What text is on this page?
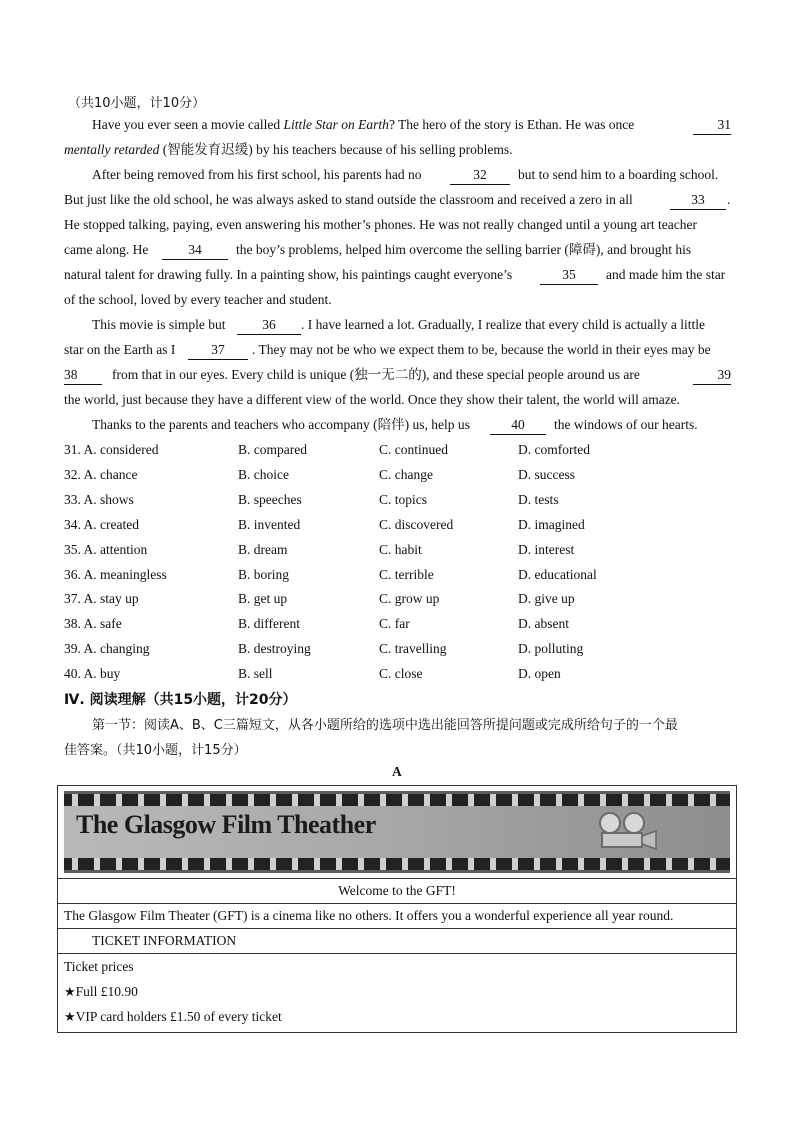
（共10小题，计10分）
Have you ever seen a movie called Little Star on Earth? The hero of the story is Ethan. He was once	31
mentally retarded (智能发育迟缓) by his teachers because of his selling problems.
After being removed from his first school, his parents had no	32	but to send him to a boarding school.
But just like the old school, he was always asked to stand outside the classroom and received a zero in all	33	.
He stopped talking, paying, even answering his mother’s phones. He was not really changed until a young art teacher
came along. He	34	the boy’s problems, helped him overcome the selling barrier (障碍), and brought his
natural talent for drawing fully. In a painting show, his paintings caught everyone’s	35	and made him the star
of the school, loved by every teacher and student.
This movie is simple but	36	. I have learned a lot. Gradually, I realize that every child is actually a little
star on the Earth as I	37	. They may not be who we expect them to be, because the world in their eyes may be
38	from that in our eyes. Every child is unique (独一无二的), and these special people around us are	39
the world, just because they have a different view of the world. Once they show their talent, the world will amaze.
Thanks to the parents and teachers who accompany (陪伴) us, help us	40	the windows of our hearts.
31. A. considered	B. compared	C. continued	D. comforted
32. A. chance	B. choice	C. change	D. success
33. A. shows	B. speeches	C. topics	D. tests
34. A. created	B. invented	C. discovered	D. imagined
35. A. attention	B. dream	C. habit	D. interest
36. A. meaningless	B. boring	C. terrible	D. educational
37. A. stay up	B. get up	C. grow up	D. give up
38. A. safe	B. different	C. far	D. absent
39. A. changing	B. destroying	C. travelling	D. polluting
40. A. buy	B. sell	C. close	D. open
Ⅳ. 阅读理解（共15小题，计20分）
第一节：阅读A、B、C三篇短文，从各小题所给的选项中选出能回答所提问题或完成所给句子的一个最
佳答案。（共10小题，计15分）
A
The Glasgow Film Theather

Welcome to the GFT!
The Glasgow Film Theater (GFT) is a cinema like no others. It offers you a wonderful experience all year round.
TICKET INFORMATION

Ticket prices
★Full £10.90
★VIP card holders £1.50 of every ticket
